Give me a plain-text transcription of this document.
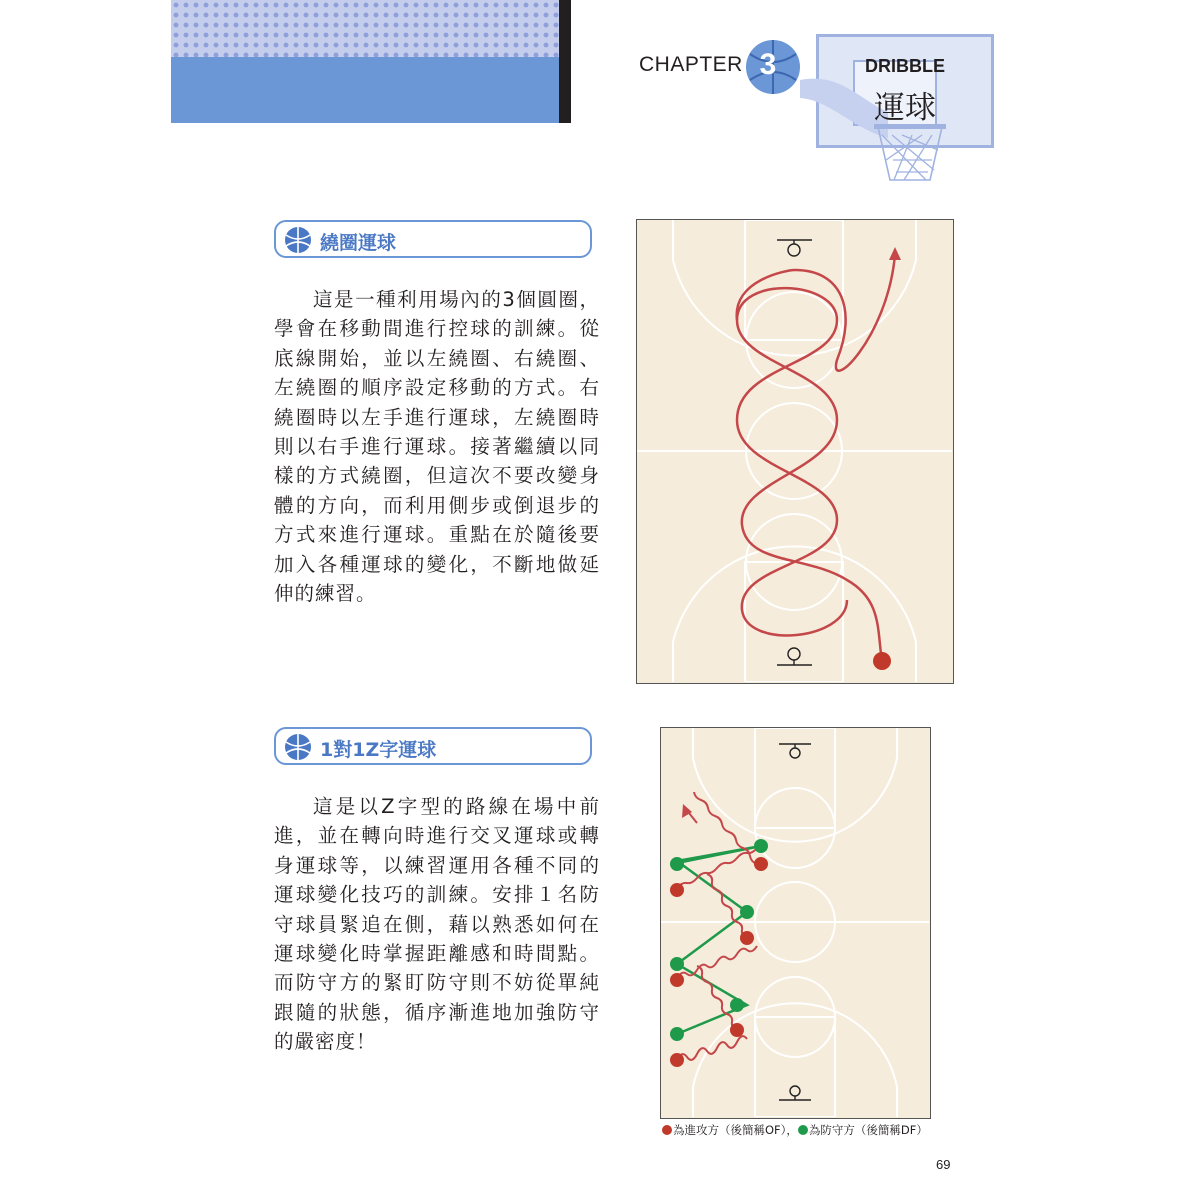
CHAPTER 3	DRIBBLE
運球
繞圈運球
這是一種利用場內的3個圓圈，學會在移動間進行控球的訓練。從底線開始，並以左繞圈、右繞圈、左繞圈的順序設定移動的方式。右繞圈時以左手進行運球，左繞圈時則以右手進行運球。接著繼續以同樣的方式繞圈，但這次不要改變身體的方向，而利用側步或倒退步的方式來進行運球。重點在於隨後要加入各種運球的變化，不斷地做延伸的練習。
1對1Z字運球
這是以Z字型的路線在場中前進，並在轉向時進行交叉運球或轉身運球等，以練習運用各種不同的運球變化技巧的訓練。安排１名防守球員緊追在側，藉以熟悉如何在運球變化時掌握距離感和時間點。而防守方的緊盯防守則不妨從單純跟隨的狀態，循序漸進地加強防守的嚴密度！
為進攻方（後簡稱OF）， 為防守方（後簡稱DF）
69
